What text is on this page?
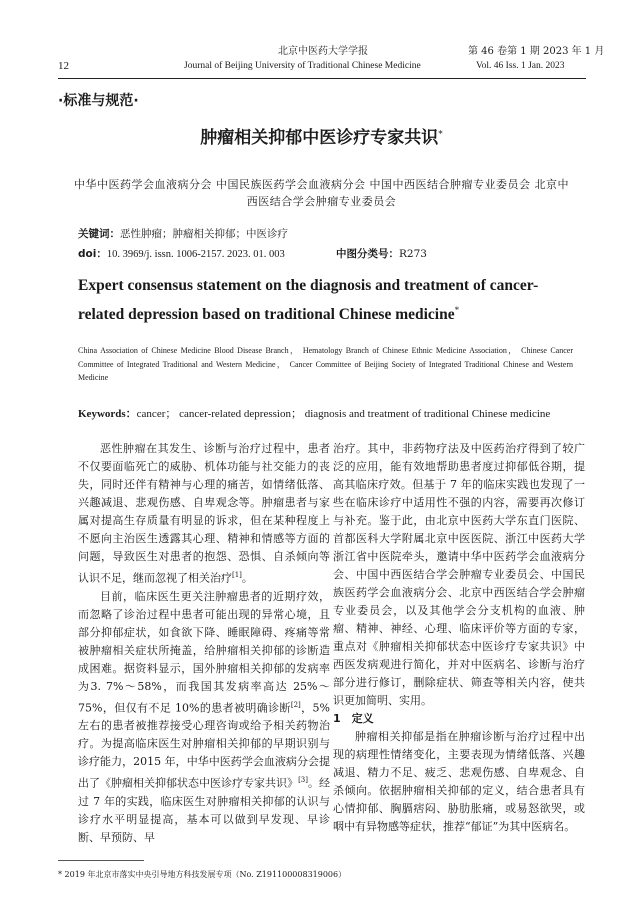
北京中医药大学学报	第 46 卷第 1 期 2023 年 1 月
12	Journal of Beijing University of Traditional Chinese Medicine	Vol. 46 Iss. 1 Jan. 2023
·标准与规范·
肿瘤相关抑郁中医诊疗专家共识*
中华中医药学会血液病分会 中国民族医药学会血液病分会 中国中西医结合肿瘤专业委员会 北京中西医结合学会肿瘤专业委员会
关键词：恶性肿瘤；肿瘤相关抑郁；中医诊疗
doi：10. 3969/j. issn. 1006-2157. 2023. 01. 003	中图分类号：R273
Expert consensus statement on the diagnosis and treatment of cancer-related depression based on traditional Chinese medicine*
China Association of Chinese Medicine Blood Disease Branch， Hematology Branch of Chinese Ethnic Medicine Association， Chinese Cancer Committee of Integrated Traditional and Western Medicine， Cancer Committee of Beijing Society of Integrated Traditional Chinese and Western Medicine
Keywords：cancer； cancer-related depression； diagnosis and treatment of traditional Chinese medicine

恶性肿瘤在其发生、诊断与治疗过程中，患者不仅要面临死亡的威胁、机体功能与社交能力的丧失，同时还伴有精神与心理的痛苦，如情绪低落、兴趣减退、悲观伤感、自卑观念等。肿瘤患者与家属对提高生存质量有明显的诉求，但在某种程度上不愿向主治医生透露其心理、精神和情感等方面的问题，导致医生对患者的抱怨、恐惧、自杀倾向等认识不足，继而忽视了相关治疗[1]。

目前，临床医生更关注肿瘤患者的近期疗效，而忽略了诊治过程中患者可能出现的异常心境，且部分抑郁症状，如食欲下降、睡眠障碍、疼痛等常被肿瘤相关症状所掩盖，给肿瘤相关抑郁的诊断造成困难。据资料显示，国外肿瘤相关抑郁的发病率为3. 7%～58%，而我国其发病率高达 25%～75%，但仅有不足 10%的患者被明确诊断[2]，5%左右的患者被推荐接受心理咨询或给予相关药物治疗。为提高临床医生对肿瘤相关抑郁的早期识别与诊疗能力，2015 年，中华中医药学会血液病分会提出了《肿瘤相关抑郁状态中医诊疗专家共识》[3]。经过 7 年的实践，临床医生对肿瘤相关抑郁的认识与诊疗水平明显提高，基本可以做到早发现、早诊断、早预防、早

治疗。其中，非药物疗法及中医药治疗得到了较广泛的应用，能有效地帮助患者度过抑郁低谷期，提高其临床疗效。但基于 7 年的临床实践也发现了一些在临床诊疗中适用性不强的内容，需要再次修订与补充。鉴于此，由北京中医药大学东直门医院、首都医科大学附属北京中医医院、浙江中医药大学浙江省中医院牵头，邀请中华中医药学会血液病分会、中国中西医结合学会肿瘤专业委员会、中国民族医药学会血液病分会、北京中西医结合学会肿瘤专业委员会，以及其他学会分支机构的血液、肿瘤、精神、神经、心理、临床评价等方面的专家，重点对《肿瘤相关抑郁状态中医诊疗专家共识》中西医发病观进行简化，并对中医病名、诊断与治疗部分进行修订，删除症状、筛查等相关内容，使共识更加简明、实用。

1　定义

肿瘤相关抑郁是指在肿瘤诊断与治疗过程中出现的病理性情绪变化，主要表现为情绪低落、兴趣减退、精力不足、疲乏、悲观伤感、自卑观念、自杀倾向。依据肿瘤相关抑郁的定义，结合患者具有心情抑郁、胸膈痞闷、胁肋胀痛，或易怒欲哭，或咽中有异物感等症状，推荐“郁证”为其中医病名。

* 2019 年北京市落实中央引导地方科技发展专项（No. Z191100008319006）
